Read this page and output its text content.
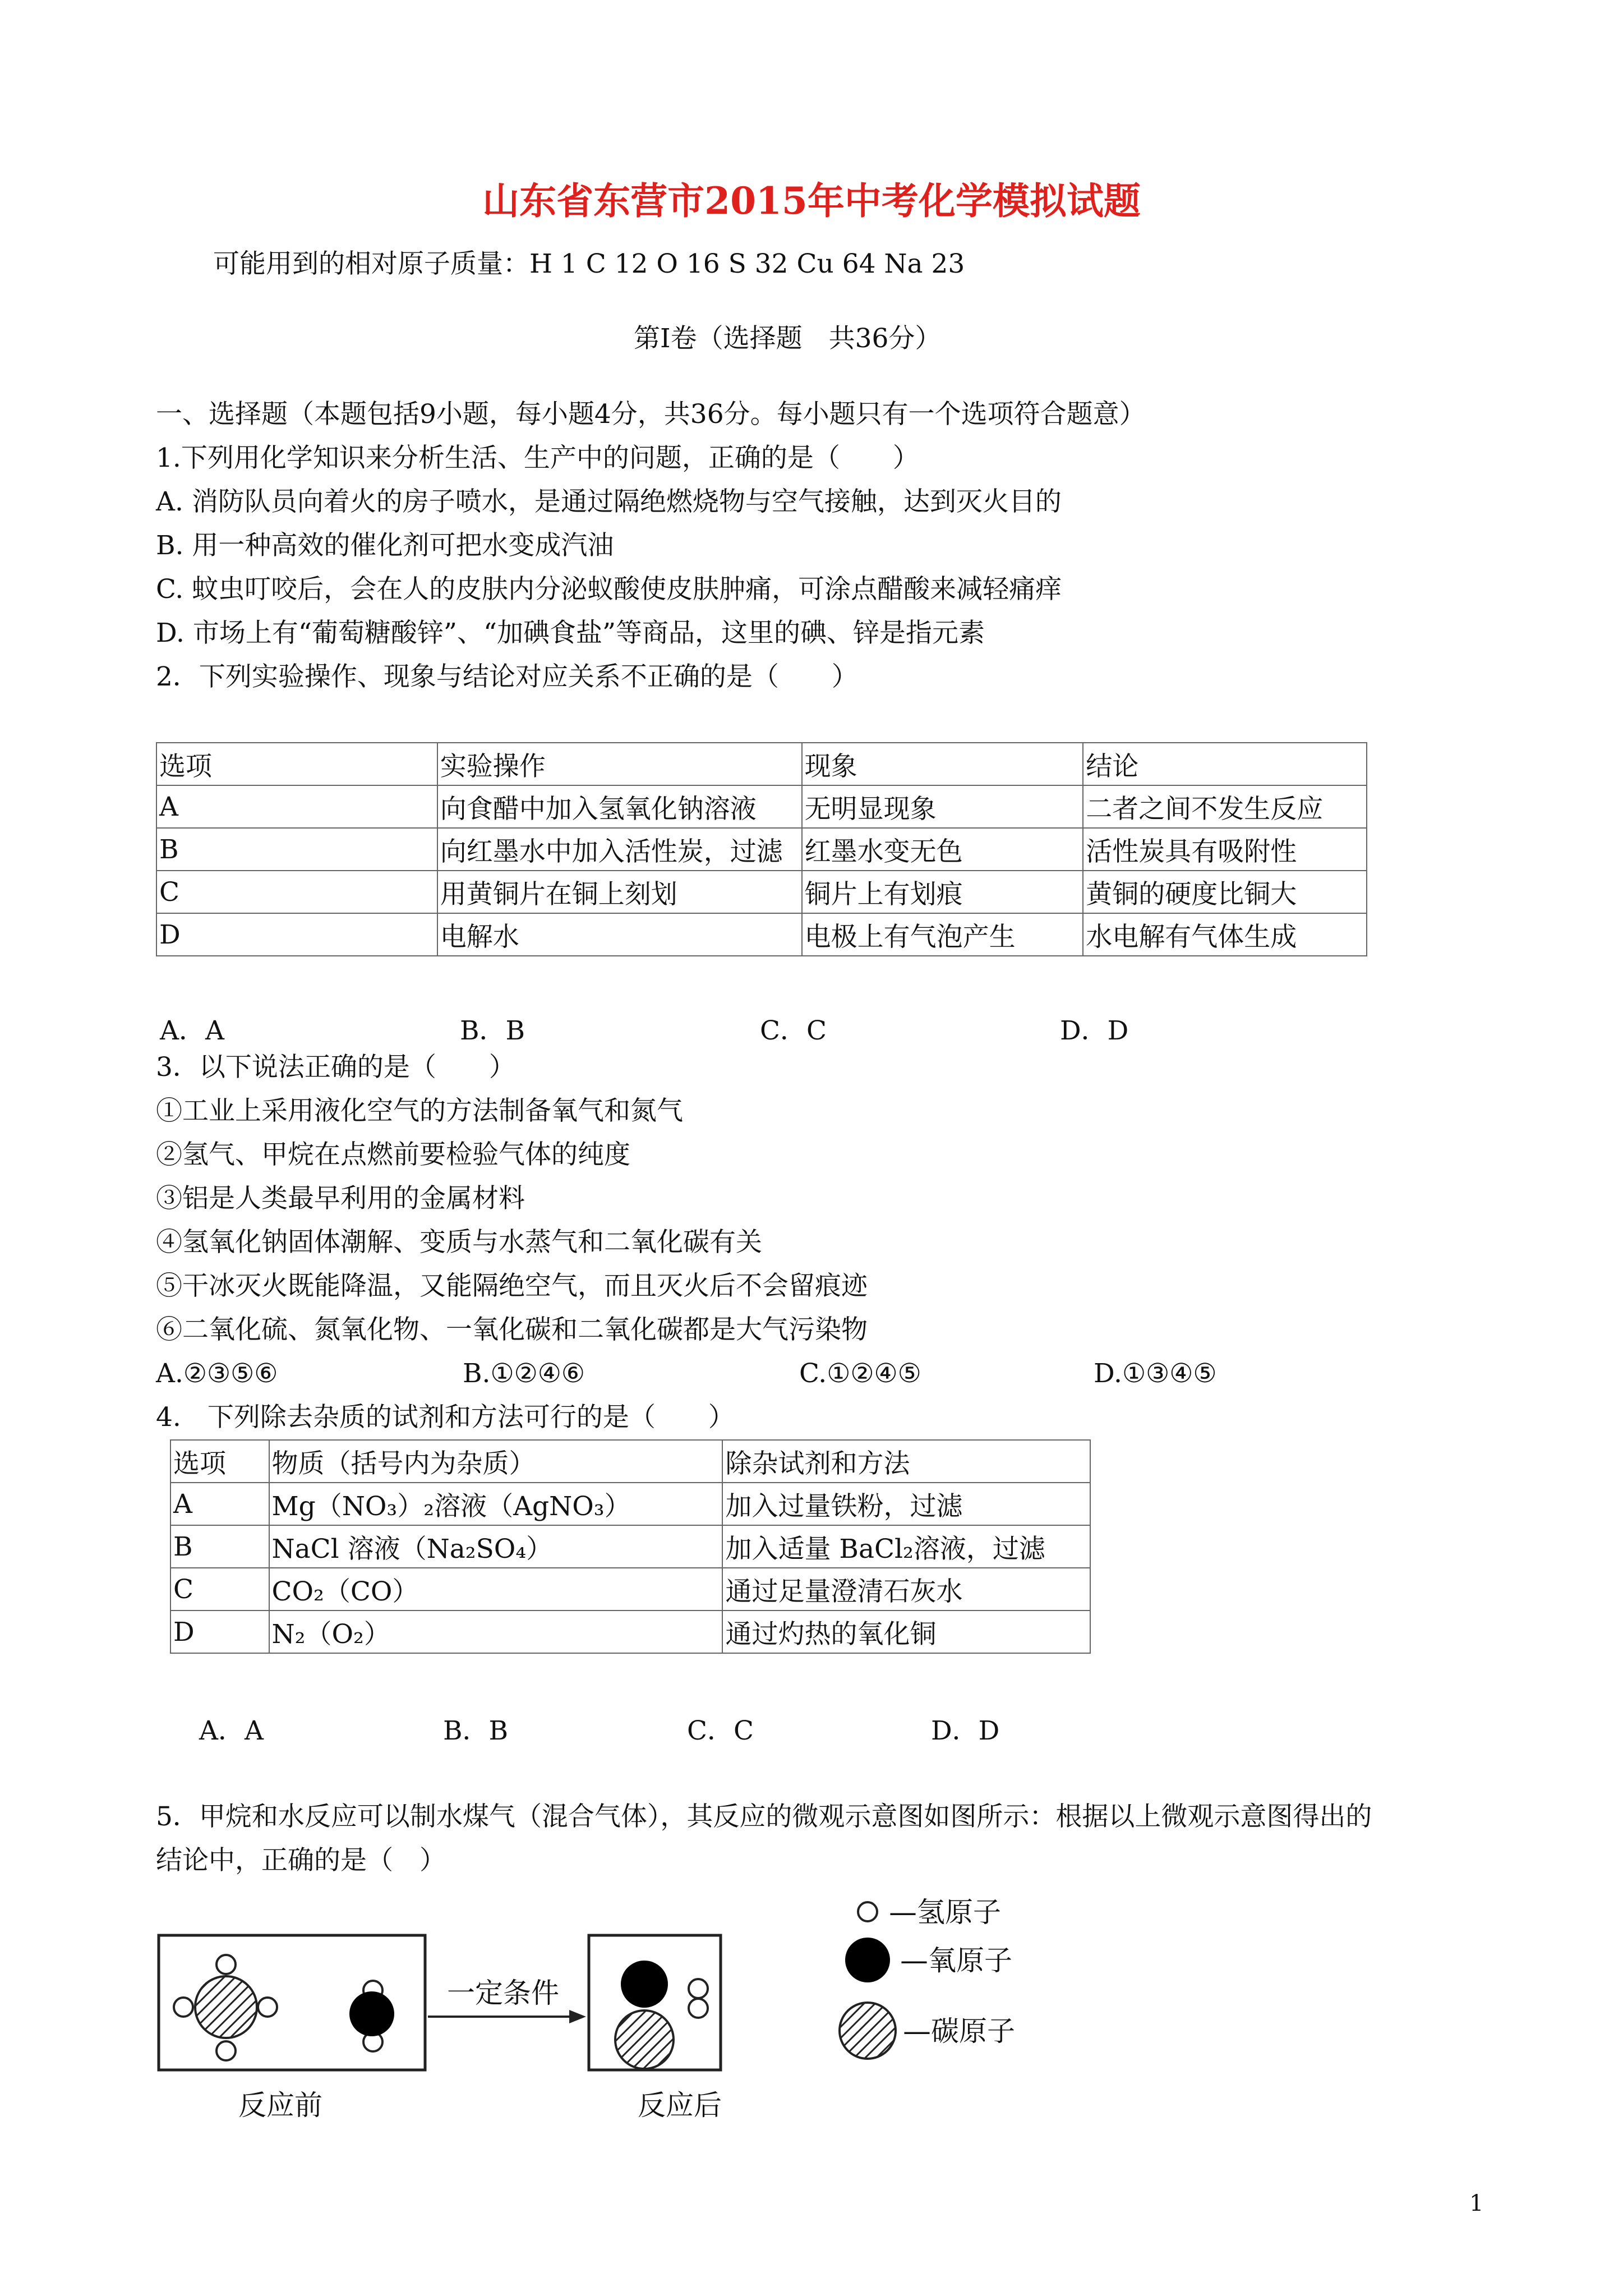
山东省东营市2015年中考化学模拟试题
可能用到的相对原子质量：H 1 C 12 O 16 S 32 Cu 64 Na 23
第Ⅰ卷（选择题　共36分）
一、选择题（本题包括9小题，每小题4分，共36分。每小题只有一个选项符合题意）
1.下列用化学知识来分析生活、生产中的问题，正确的是（　　）
A. 消防队员向着火的房子喷水，是通过隔绝燃烧物与空气接触，达到灭火目的
B. 用一种高效的催化剂可把水变成汽油
C. 蚊虫叮咬后，会在人的皮肤内分泌蚁酸使皮肤肿痛，可涂点醋酸来减轻痛痒
D. 市场上有“葡萄糖酸锌”、“加碘食盐”等商品，这里的碘、锌是指元素
2．下列实验操作、现象与结论对应关系不正确的是（　　）
选项	实验操作	现象	结论
A	向食醋中加入氢氧化钠溶液	无明显现象	二者之间不发生反应
B	向红墨水中加入活性炭，过滤	红墨水变无色	活性炭具有吸附性
C	用黄铜片在铜上刻划	铜片上有划痕	黄铜的硬度比铜大
D	电解水	电极上有气泡产生	水电解有气体生成
A．A	B．B	C．C	D．D
3．以下说法正确的是（　　）
①工业上采用液化空气的方法制备氧气和氮气
②氢气、甲烷在点燃前要检验气体的纯度
③铝是人类最早利用的金属材料
④氢氧化钠固体潮解、变质与水蒸气和二氧化碳有关
⑤干冰灭火既能降温，又能隔绝空气，而且灭火后不会留痕迹
⑥二氧化硫、氮氧化物、一氧化碳和二氧化碳都是大气污染物
A.②③⑤⑥	B.①②④⑥	C.①②④⑤	D.①③④⑤
4.　下列除去杂质的试剂和方法可行的是（　　）
选项	物质（括号内为杂质）	除杂试剂和方法
A	Mg（NO₃）₂溶液（AgNO₃）	加入过量铁粉，过滤
B	NaCl 溶液（Na₂SO₄）	加入适量 BaCl₂溶液，过滤
C	CO₂（CO）	通过足量澄清石灰水
D	N₂（O₂）	通过灼热的氧化铜
A．A	B．B	C．C	D．D
5．甲烷和水反应可以制水煤气（混合气体），其反应的微观示意图如图所示：根据以上微观示意图得出的
结论中，正确的是（　）
一定条件
反应前	反应后
—氢原子
—氧原子
—碳原子
1
